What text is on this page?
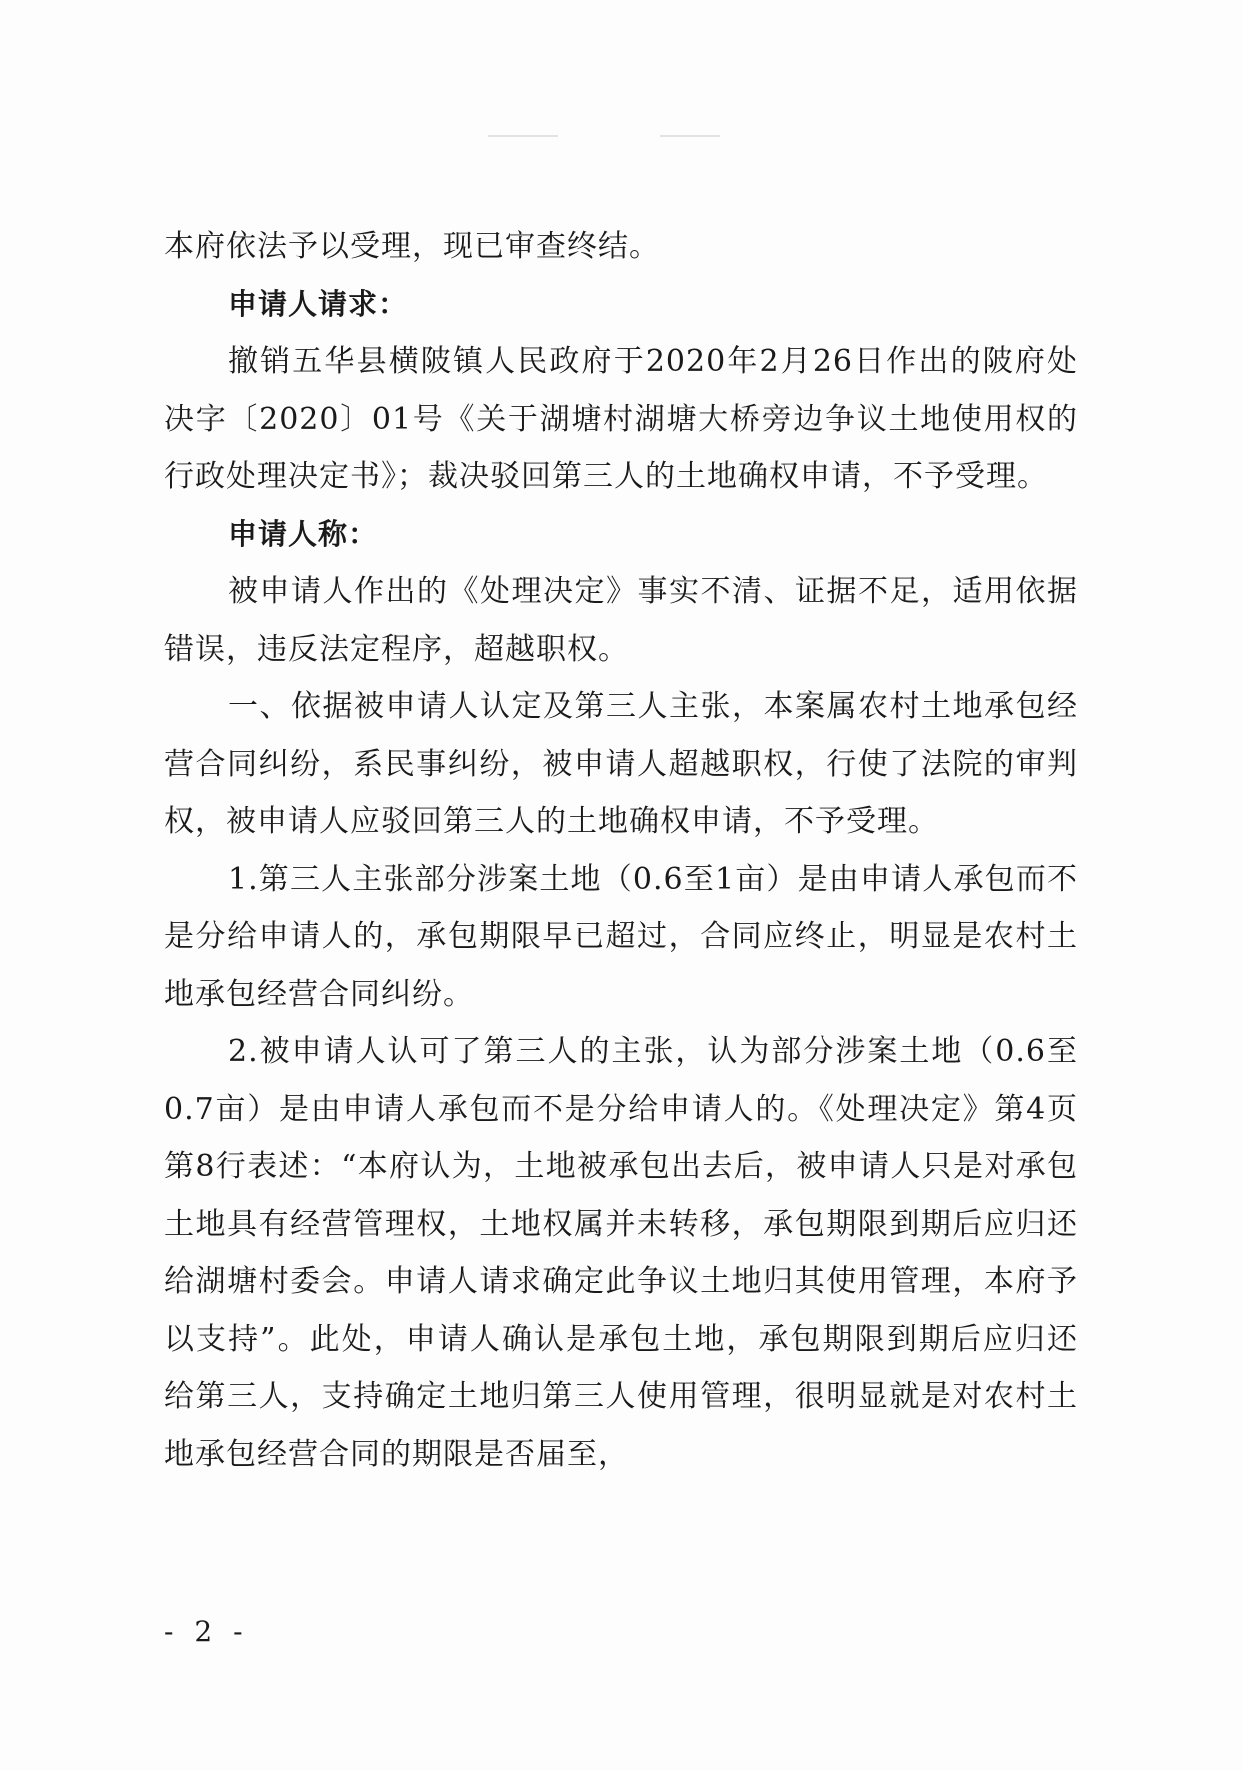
本府依法予以受理，现已审查终结。

申请人请求：

撤销五华县横陂镇人民政府于2020年2月26日作出的陂府处决字〔2020〕01号《关于湖塘村湖塘大桥旁边争议土地使用权的行政处理决定书》；裁决驳回第三人的土地确权申请，不予受理。

申请人称：

被申请人作出的《处理决定》事实不清、证据不足，适用依据错误，违反法定程序，超越职权。

一、依据被申请人认定及第三人主张，本案属农村土地承包经营合同纠纷，系民事纠纷，被申请人超越职权，行使了法院的审判权，被申请人应驳回第三人的土地确权申请，不予受理。

1.第三人主张部分涉案土地（0.6至1亩）是由申请人承包而不是分给申请人的，承包期限早已超过，合同应终止，明显是农村土地承包经营合同纠纷。

2.被申请人认可了第三人的主张，认为部分涉案土地（0.6至0.7亩）是由申请人承包而不是分给申请人的。《处理决定》第4页第8行表述：“本府认为，土地被承包出去后，被申请人只是对承包土地具有经营管理权，土地权属并未转移，承包期限到期后应归还给湖塘村委会。申请人请求确定此争议土地归其使用管理，本府予以支持”。此处，申请人确认是承包土地，承包期限到期后应归还给第三人，支持确定土地归第三人使用管理，很明显就是对农村土地承包经营合同的期限是否届至，

- 2 -
